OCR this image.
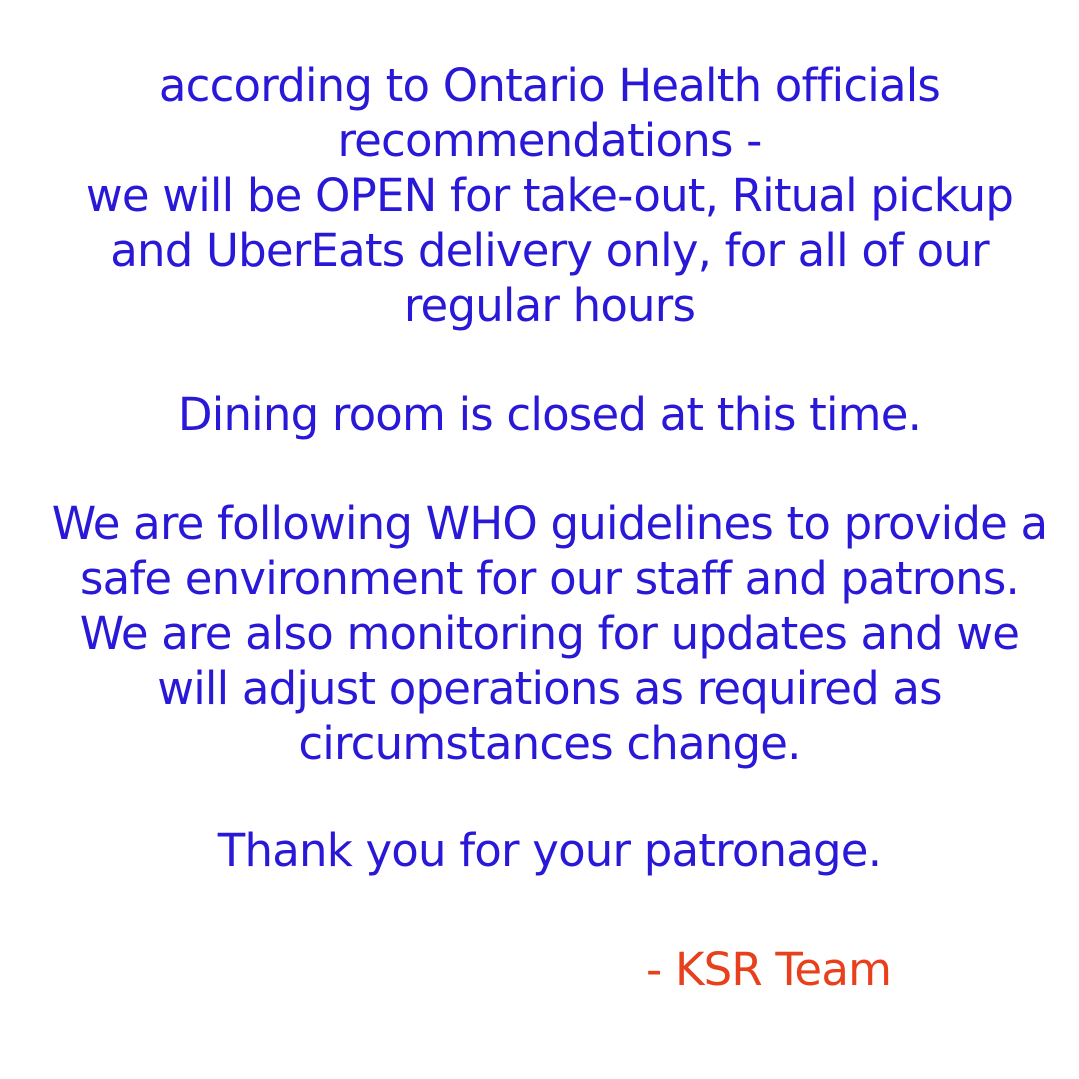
according to Ontario Health officials
recommendations -
we will be OPEN for take-out, Ritual pickup
and UberEats delivery only, for all of our
regular hours
Dining room is closed at this time.
We are following WHO guidelines to provide a
safe environment for our staff and patrons.
We are also monitoring for updates and we
will adjust operations as required as
circumstances change.
Thank you for your patronage.
- KSR Team
